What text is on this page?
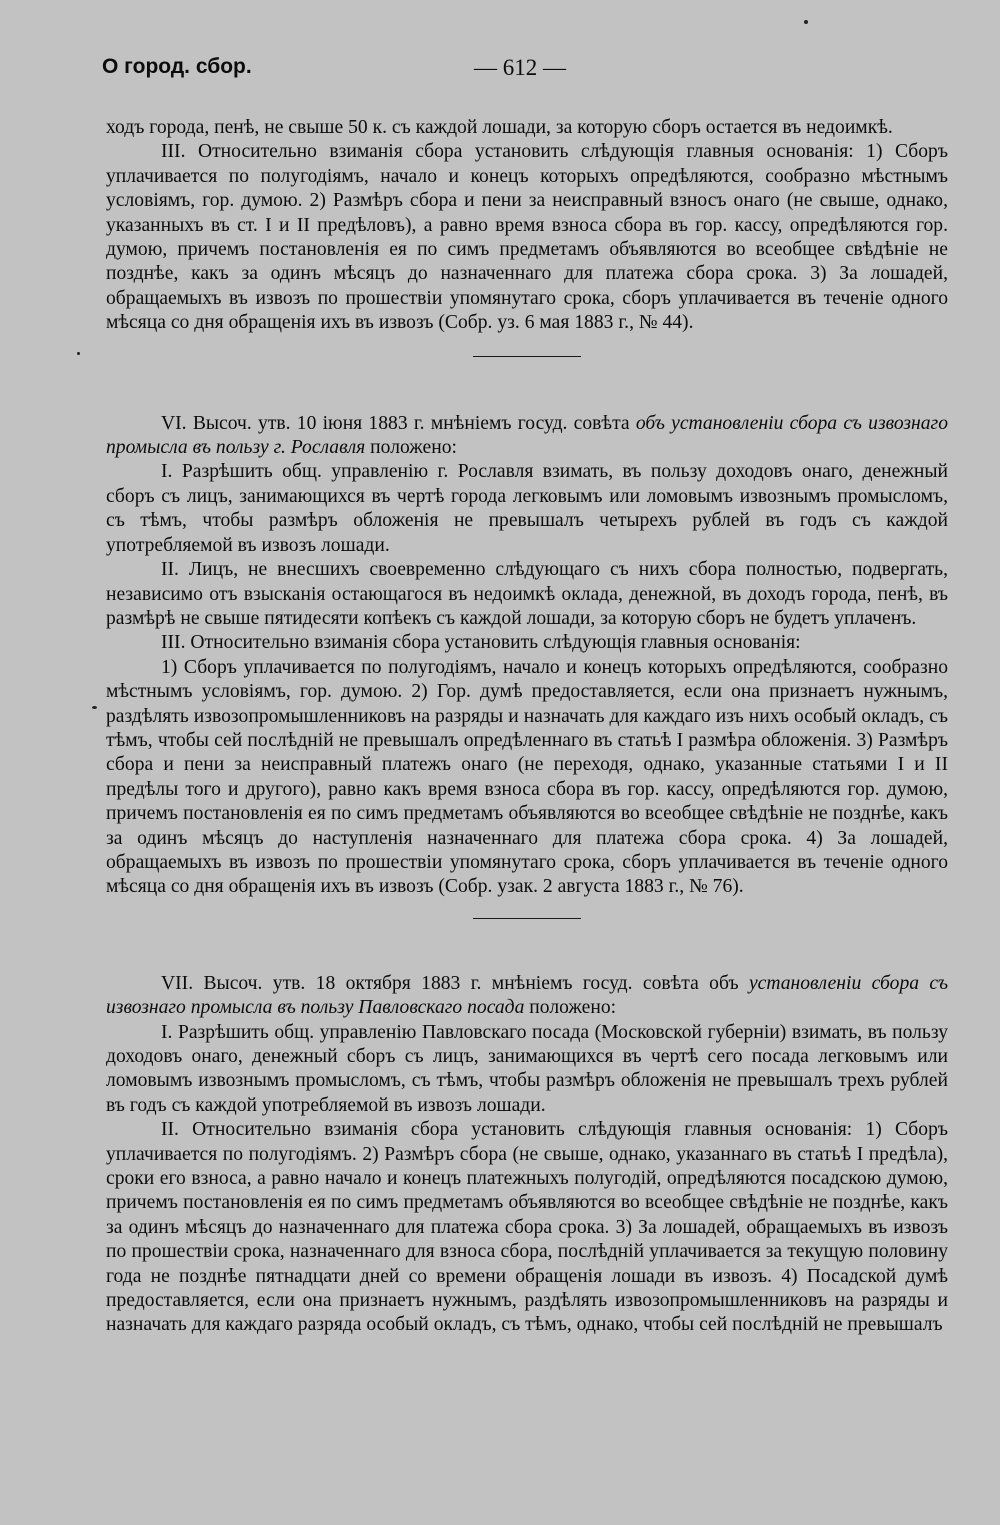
О город. сбор.	— 612 —

ходъ города, пенѣ, не свыше 50 к. съ каждой лошади, за которую сборъ остается въ недоимкѣ.

III. Относительно взиманія сбора установить слѣдующія главныя основанія: 1) Сборъ уплачивается по полугодіямъ, начало и конецъ которыхъ опредѣляются, сообразно мѣстнымъ условіямъ, гор. думою. 2) Размѣръ сбора и пени за неисправный взносъ онаго (не свыше, однако, указанныхъ въ ст. I и II предѣловъ), а равно время взноса сбора въ гор. кассу, опредѣляются гор. думою, причемъ постановленія ея по симъ предметамъ объявляются во всеобщее свѣдѣніе не позднѣе, какъ за одинъ мѣсяцъ до назначеннаго для платежа сбора срока. 3) За лошадей, обращаемыхъ въ извозъ по прошествіи упомянутаго срока, сборъ уплачивается въ теченіе одного мѣсяца со дня обращенія ихъ въ извозъ (Собр. уз. 6 мая 1883 г., № 44).

VI. Высоч. утв. 10 іюня 1883 г. мнѣніемъ госуд. совѣта объ установленіи сбора съ извознаго промысла въ пользу г. Рославля положено:

I. Разрѣшить общ. управленію г. Рославля взимать, въ пользу доходовъ онаго, денежный сборъ съ лицъ, занимающихся въ чертѣ города легковымъ или ломовымъ извознымъ промысломъ, съ тѣмъ, чтобы размѣръ обложенія не превышалъ четырехъ рублей въ годъ съ каждой употребляемой въ извозъ лошади.

II. Лицъ, не внесшихъ своевременно слѣдующаго съ нихъ сбора полностью, подвергать, независимо отъ взысканія остающагося въ недоимкѣ оклада, денежной, въ доходъ города, пенѣ, въ размѣрѣ не свыше пятидесяти копѣекъ съ каждой лошади, за которую сборъ не будетъ уплаченъ.

III. Относительно взиманія сбора установить слѣдующія главныя основанія:

1) Сборъ уплачивается по полугодіямъ, начало и конецъ которыхъ опредѣляются, сообразно мѣстнымъ условіямъ, гор. думою. 2) Гор. думѣ предоставляется, если она признаетъ нужнымъ, раздѣлять извозопромышленниковъ на разряды и назначать для каждаго изъ нихъ особый окладъ, съ тѣмъ, чтобы сей послѣдній не превышалъ опредѣленнаго въ статьѣ I размѣра обложенія. 3) Размѣръ сбора и пени за неисправный платежъ онаго (не переходя, однако, указанные статьями I и II предѣлы того и другого), равно какъ время взноса сбора въ гор. кассу, опредѣляются гор. думою, причемъ постановленія ея по симъ предметамъ объявляются во всеобщее свѣдѣніе не позднѣе, какъ за одинъ мѣсяцъ до наступленія назначеннаго для платежа сбора срока. 4) За лошадей, обращаемыхъ въ извозъ по прошествіи упомянутаго срока, сборъ уплачивается въ теченіе одного мѣсяца со дня обращенія ихъ въ извозъ (Собр. узак. 2 августа 1883 г., № 76).

VII. Высоч. утв. 18 октября 1883 г. мнѣніемъ госуд. совѣта объ установленіи сбора съ извознаго промысла въ пользу Павловскаго посада положено:

I. Разрѣшить общ. управленію Павловскаго посада (Московской губерніи) взимать, въ пользу доходовъ онаго, денежный сборъ съ лицъ, занимающихся въ чертѣ сего посада легковымъ или ломовымъ извознымъ промысломъ, съ тѣмъ, чтобы размѣръ обложенія не превышалъ трехъ рублей въ годъ съ каждой употребляемой въ извозъ лошади.

II. Относительно взиманія сбора установить слѣдующія главныя основанія: 1) Сборъ уплачивается по полугодіямъ. 2) Размѣръ сбора (не свыше, однако, указаннаго въ статьѣ I предѣла), сроки его взноса, а равно начало и конецъ платежныхъ полугодій, опредѣляются посадскою думою, причемъ постановленія ея по симъ предметамъ объявляются во всеобщее свѣдѣніе не позднѣе, какъ за одинъ мѣсяцъ до назначеннаго для платежа сбора срока. 3) За лошадей, обращаемыхъ въ извозъ по прошествіи срока, назначеннаго для взноса сбора, послѣдній уплачивается за текущую половину года не позднѣе пятнадцати дней со времени обращенія лошади въ извозъ. 4) Посадской думѣ предоставляется, если она признаетъ нужнымъ, раздѣлять извозопромышленниковъ на разряды и назначать для каждаго разряда особый окладъ, съ тѣмъ, однако, чтобы сей послѣдній не превышалъ
